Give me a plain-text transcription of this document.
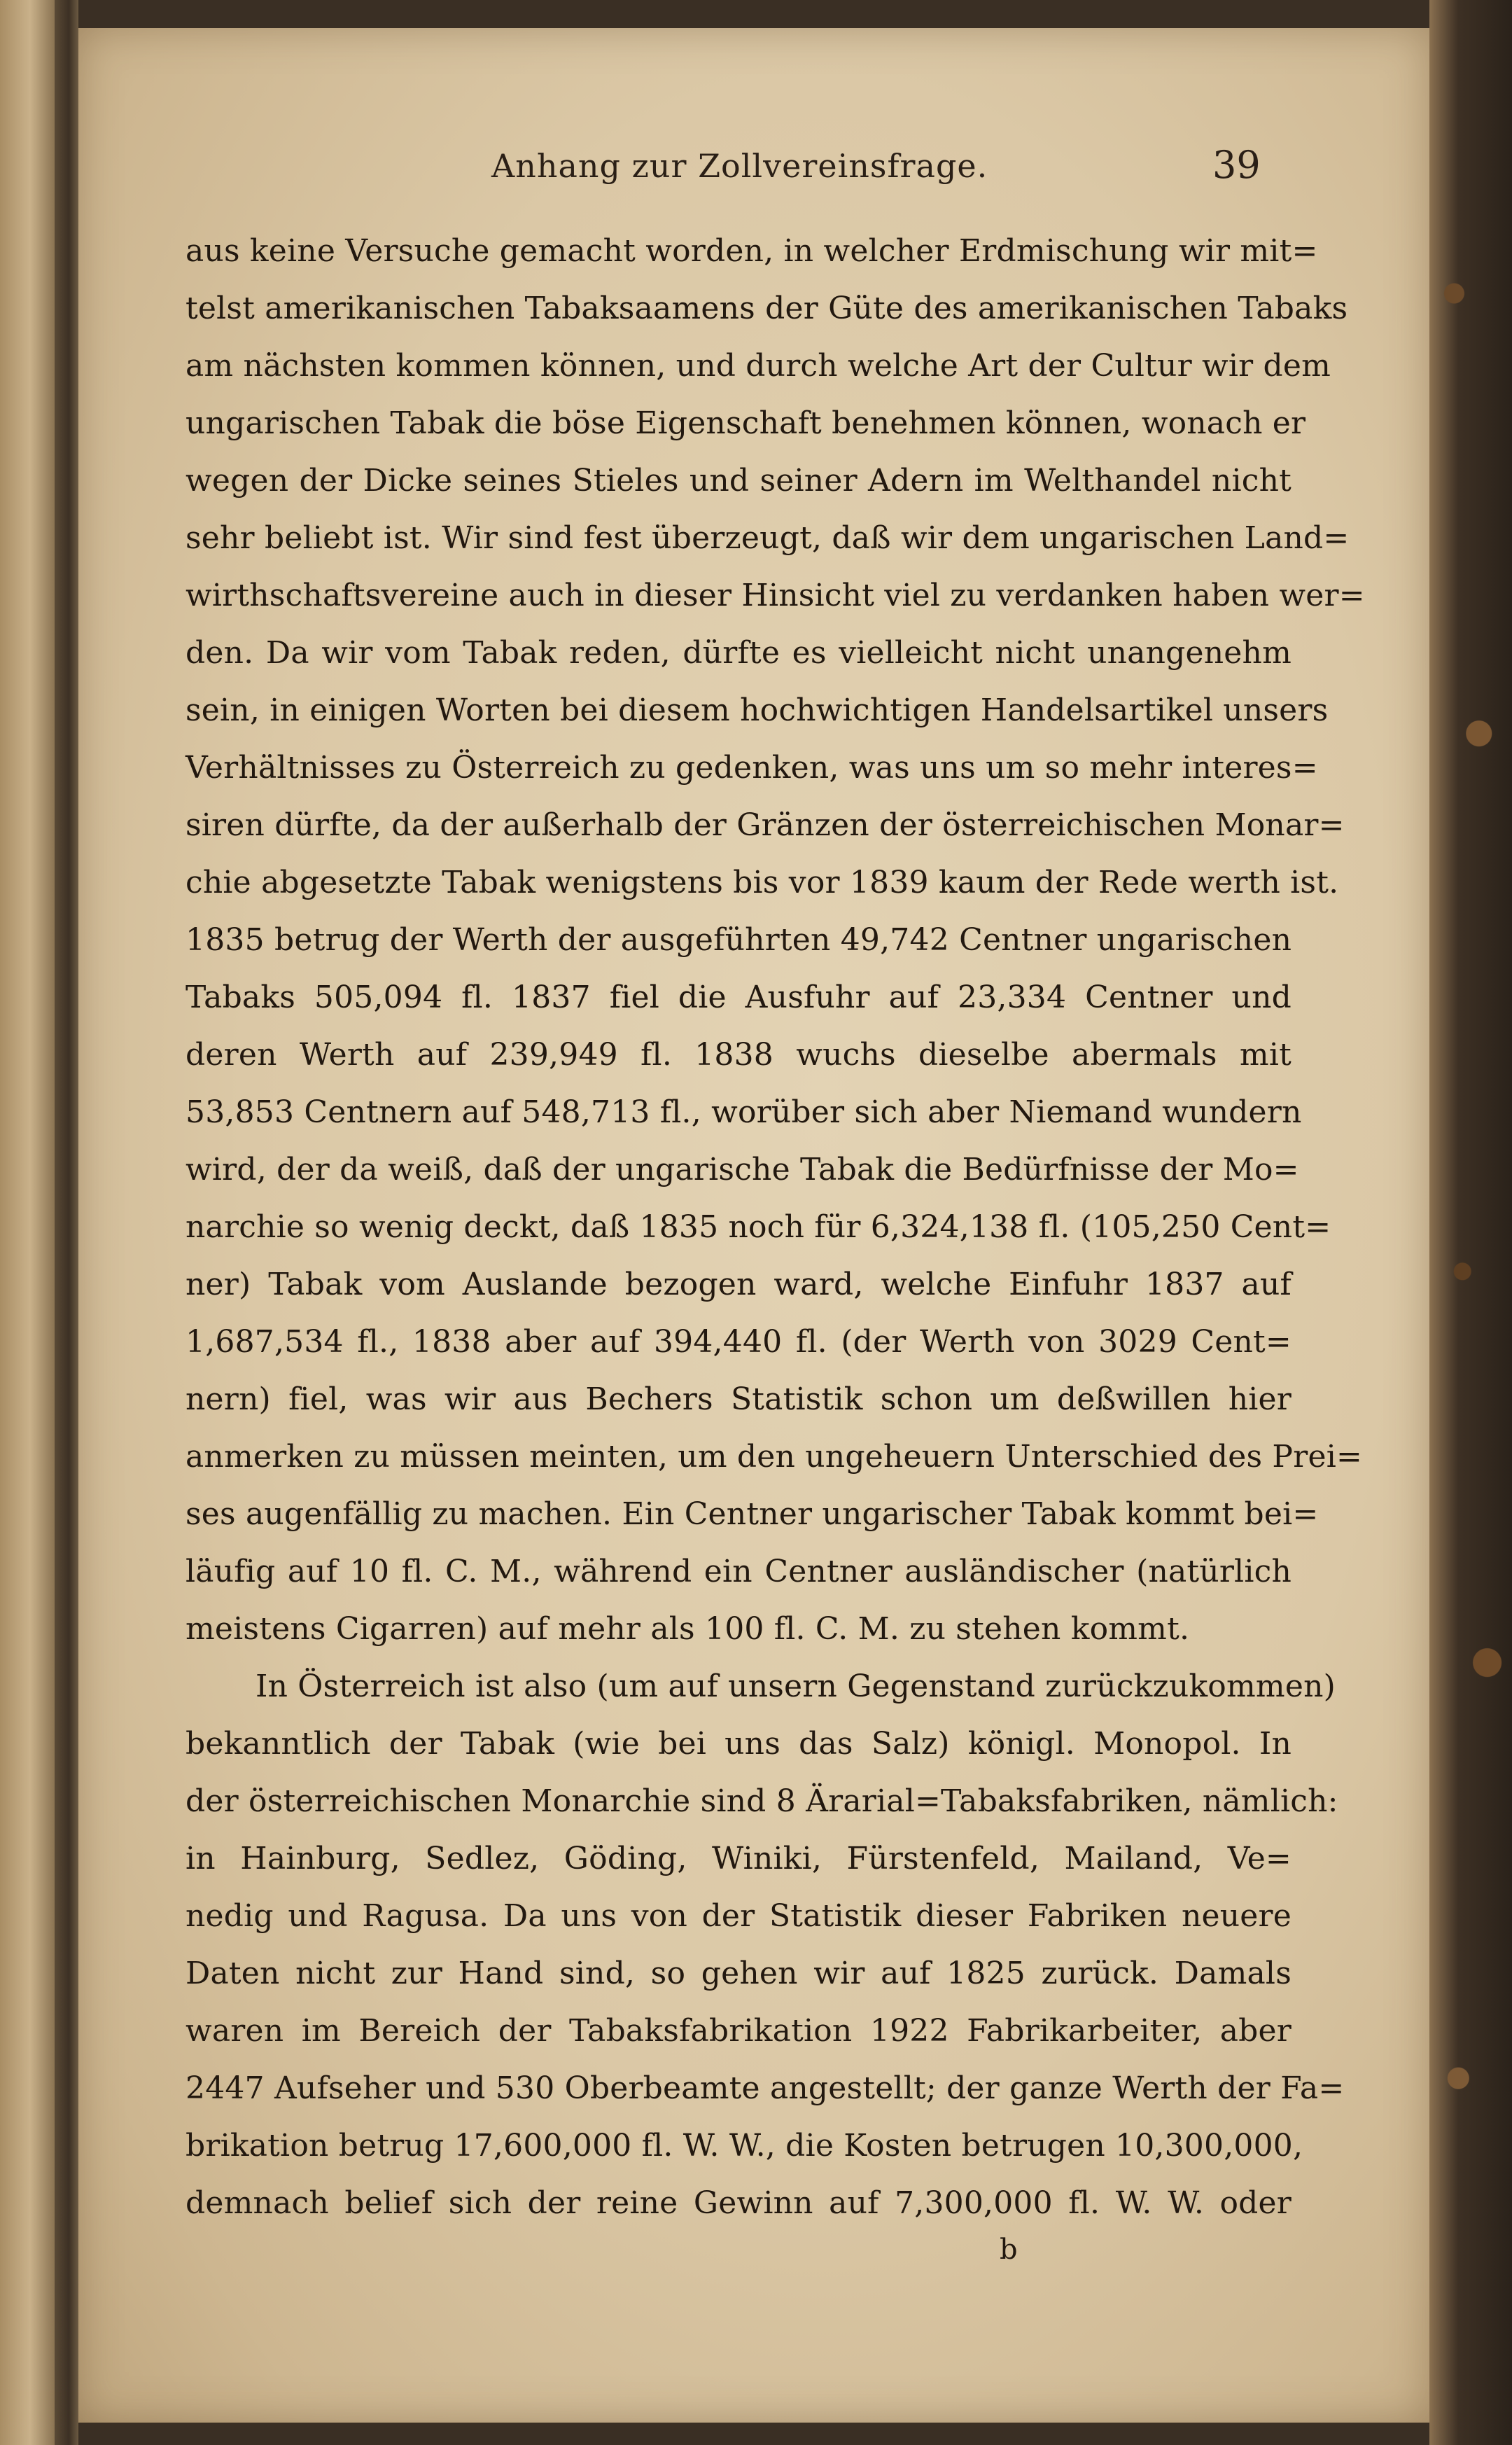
Anhang zur Zollvereinsfrage.	39
aus keine Versuche gemacht worden, in welcher Erdmischung wir mit=
telst amerikanischen Tabaksaamens der Güte des amerikanischen Tabaks
am nächsten kommen können, und durch welche Art der Cultur wir dem
ungarischen Tabak die böse Eigenschaft benehmen können, wonach er
wegen der Dicke seines Stieles und seiner Adern im Welthandel nicht
sehr beliebt ist. Wir sind fest überzeugt, daß wir dem ungarischen Land=
wirthschaftsvereine auch in dieser Hinsicht viel zu verdanken haben wer=
den. Da wir vom Tabak reden, dürfte es vielleicht nicht unangenehm
sein, in einigen Worten bei diesem hochwichtigen Handelsartikel unsers
Verhältnisses zu Österreich zu gedenken, was uns um so mehr interes=
siren dürfte, da der außerhalb der Gränzen der österreichischen Monar=
chie abgesetzte Tabak wenigstens bis vor 1839 kaum der Rede werth ist.
1835 betrug der Werth der ausgeführten 49,742 Centner ungarischen
Tabaks 505,094 fl. 1837 fiel die Ausfuhr auf 23,334 Centner und
deren Werth auf 239,949 fl. 1838 wuchs dieselbe abermals mit
53,853 Centnern auf 548,713 fl., worüber sich aber Niemand wundern
wird, der da weiß, daß der ungarische Tabak die Bedürfnisse der Mo=
narchie so wenig deckt, daß 1835 noch für 6,324,138 fl. (105,250 Cent=
ner) Tabak vom Auslande bezogen ward, welche Einfuhr 1837 auf
1,687,534 fl., 1838 aber auf 394,440 fl. (der Werth von 3029 Cent=
nern) fiel, was wir aus Bechers Statistik schon um deßwillen hier
anmerken zu müssen meinten, um den ungeheuern Unterschied des Prei=
ses augenfällig zu machen. Ein Centner ungarischer Tabak kommt bei=
läufig auf 10 fl. C. M., während ein Centner ausländischer (natürlich
meistens Cigarren) auf mehr als 100 fl. C. M. zu stehen kommt.
In Österreich ist also (um auf unsern Gegenstand zurückzukommen)
bekanntlich der Tabak (wie bei uns das Salz) königl. Monopol. In
der österreichischen Monarchie sind 8 Ärarial=Tabaksfabriken, nämlich:
in Hainburg, Sedlez, Göding, Winiki, Fürstenfeld, Mailand, Ve=
nedig und Ragusa. Da uns von der Statistik dieser Fabriken neuere
Daten nicht zur Hand sind, so gehen wir auf 1825 zurück. Damals
waren im Bereich der Tabaksfabrikation 1922 Fabrikarbeiter, aber
2447 Aufseher und 530 Oberbeamte angestellt; der ganze Werth der Fa=
brikation betrug 17,600,000 fl. W. W., die Kosten betrugen 10,300,000,
demnach belief sich der reine Gewinn auf 7,300,000 fl. W. W. oder
b
